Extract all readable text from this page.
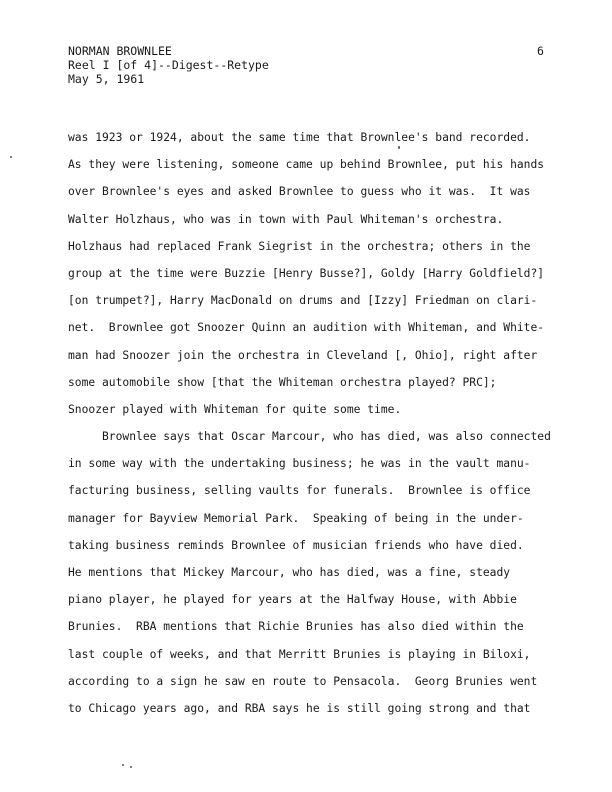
NORMAN BROWNLEE
Reel I [of 4]--Digest--Retype
May 5, 1961
6
was 1923 or 1924, about the same time that Brownlee's band recorded.
As they were listening, someone came up behind Brownlee, put his hands
over Brownlee's eyes and asked Brownlee to guess who it was.  It was
Walter Holzhaus, who was in town with Paul Whiteman's orchestra.
Holzhaus had replaced Frank Siegrist in the orchestra; others in the
group at the time were Buzzie [Henry Busse?], Goldy [Harry Goldfield?]
[on trumpet?], Harry MacDonald on drums and [Izzy] Friedman on clari-
net.  Brownlee got Snoozer Quinn an audition with Whiteman, and White-
man had Snoozer join the orchestra in Cleveland [, Ohio], right after
some automobile show [that the Whiteman orchestra played? PRC];
Snoozer played with Whiteman for quite some time.
Brownlee says that Oscar Marcour, who has died, was also connected
in some way with the undertaking business; he was in the vault manu-
facturing business, selling vaults for funerals.  Brownlee is office
manager for Bayview Memorial Park.  Speaking of being in the under-
taking business reminds Brownlee of musician friends who have died.
He mentions that Mickey Marcour, who has died, was a fine, steady
piano player, he played for years at the Halfway House, with Abbie
Brunies.  RBA mentions that Richie Brunies has also died within the
last couple of weeks, and that Merritt Brunies is playing in Biloxi,
according to a sign he saw en route to Pensacola.  Georg Brunies went
to Chicago years ago, and RBA says he is still going strong and that
